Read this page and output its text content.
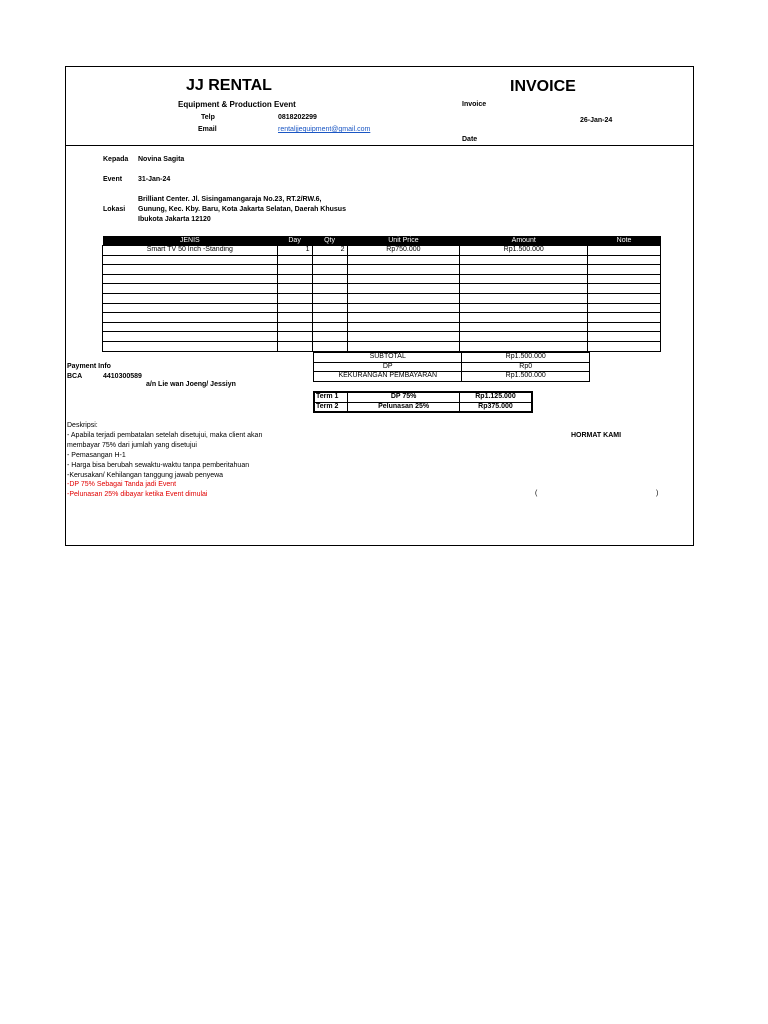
JJ RENTAL
Equipment & Production Event
Telp	0818202299
Email	rentaljjequipment@gmail.com
INVOICE
Invoice
26-Jan-24
Date
Kepada Novina Sagita
Event 31-Jan-24
Brilliant Center. Jl. Sisingamangaraja No.23, RT.2/RW.6,
Lokasi Gunung, Kec. Kby. Baru, Kota Jakarta Selatan, Daerah Khusus
Ibukota Jakarta 12120
JENIS	Day	Qty	Unit Price	Amount	Note
Smart TV 50 Inch -Standing	1	2	Rp750.000	Rp1.500.000	

SUBTOTAL	Rp1.500.000
DP	Rp0
KEKURANGAN PEMBAYARAN	Rp1.500.000
Payment Info
BCA	4410300589
a/n Lie wan Joeng/ Jessiyn
Term 1	DP 75%	Rp1.125.000
Term 2	Pelunasan 25%	Rp375.000
Deskripsi:
- Apabila terjadi pembatalan setelah disetujui, maka client akan
membayar 75% dari jumlah yang disetujui
- Pemasangan H-1
- Harga bisa berubah sewaktu-waktu tanpa pemberitahuan
-Kerusakan/ Kehilangan tanggung jawab penyewa
-DP 75% Sebagai Tanda jadi Event
-Pelunasan 25% dibayar ketika Event dimulai
HORMAT KAMI
(	)
